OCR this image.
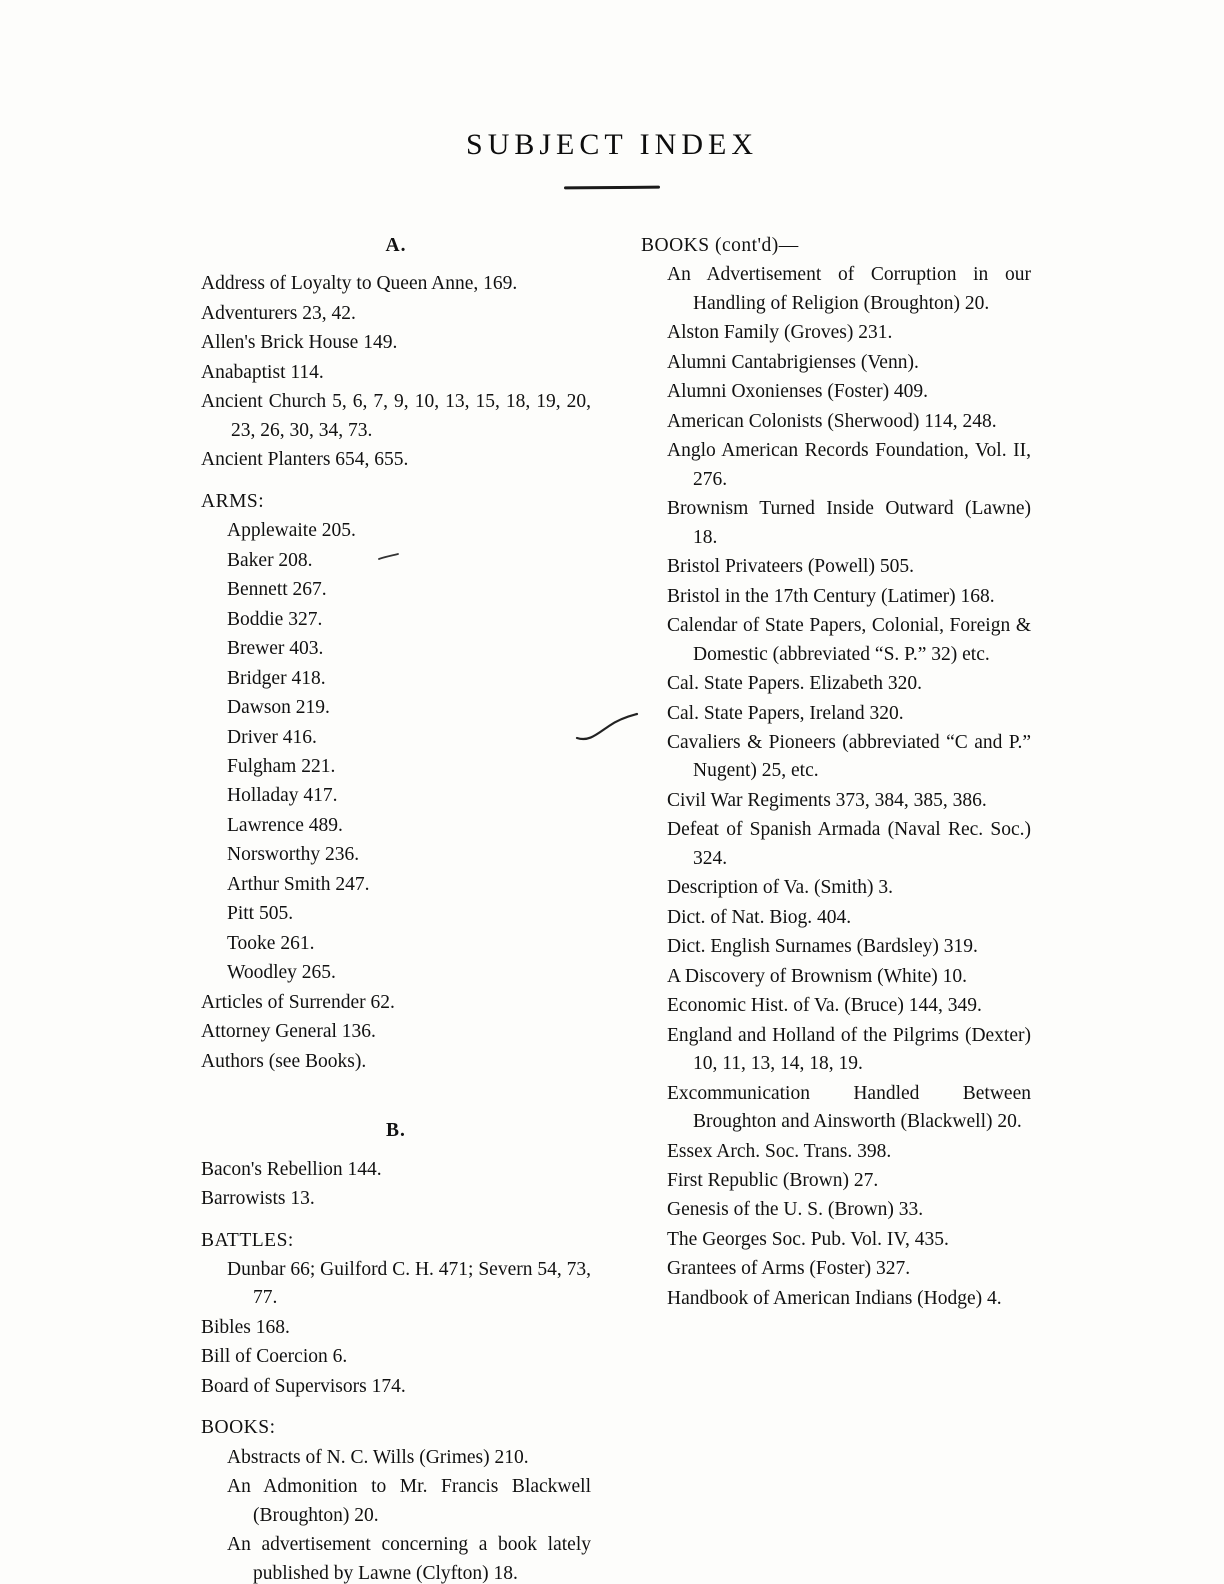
SUBJECT INDEX
A.

Address of Loyalty to Queen Anne, 169.

Adventurers 23, 42.

Allen's Brick House 149.

Anabaptist 114.

Ancient Church 5, 6, 7, 9, 10, 13, 15, 18, 19, 20, 23, 26, 30, 34, 73.

Ancient Planters 654, 655.

ARMS:

Applewaite 205.

Baker 208.

Bennett 267.

Boddie 327.

Brewer 403.

Bridger 418.

Dawson 219.

Driver 416.

Fulgham 221.

Holladay 417.

Lawrence 489.

Norsworthy 236.

Arthur Smith 247.

Pitt 505.

Tooke 261.

Woodley 265.

Articles of Surrender 62.

Attorney General 136.

Authors (see Books).

B.

Bacon's Rebellion 144.

Barrowists 13.

BATTLES:

Dunbar 66; Guilford C. H. 471; Severn 54, 73, 77.

Bibles 168.

Bill of Coercion 6.

Board of Supervisors 174.

BOOKS:

Abstracts of N. C. Wills (Grimes) 210.

An Admonition to Mr. Francis Blackwell (Broughton) 20.

An advertisement concerning a book lately published by Lawne (Clyfton) 18.

BOOKS (cont'd)—

An Advertisement of Corruption in our Handling of Religion (Broughton) 20.

Alston Family (Groves) 231.

Alumni Cantabrigienses (Venn).

Alumni Oxonienses (Foster) 409.

American Colonists (Sherwood) 114, 248.

Anglo American Records Foundation, Vol. II, 276.

Brownism Turned Inside Outward (Lawne) 18.

Bristol Privateers (Powell) 505.

Bristol in the 17th Century (Latimer) 168.

Calendar of State Papers, Colonial, Foreign & Domestic (abbreviated “S. P.” 32) etc.

Cal. State Papers. Elizabeth 320.

Cal. State Papers, Ireland 320.

Cavaliers & Pioneers (abbreviated “C and P.” Nugent) 25, etc.

Civil War Regiments 373, 384, 385, 386.

Defeat of Spanish Armada (Naval Rec. Soc.) 324.

Description of Va. (Smith) 3.

Dict. of Nat. Biog. 404.

Dict. English Surnames (Bardsley) 319.

A Discovery of Brownism (White) 10.

Economic Hist. of Va. (Bruce) 144, 349.

England and Holland of the Pilgrims (Dexter) 10, 11, 13, 14, 18, 19.

Excommunication Handled Between Broughton and Ainsworth (Blackwell) 20.

Essex Arch. Soc. Trans. 398.

First Republic (Brown) 27.

Genesis of the U. S. (Brown) 33.

The Georges Soc. Pub. Vol. IV, 435.

Grantees of Arms (Foster) 327.

Handbook of American Indians (Hodge) 4.
